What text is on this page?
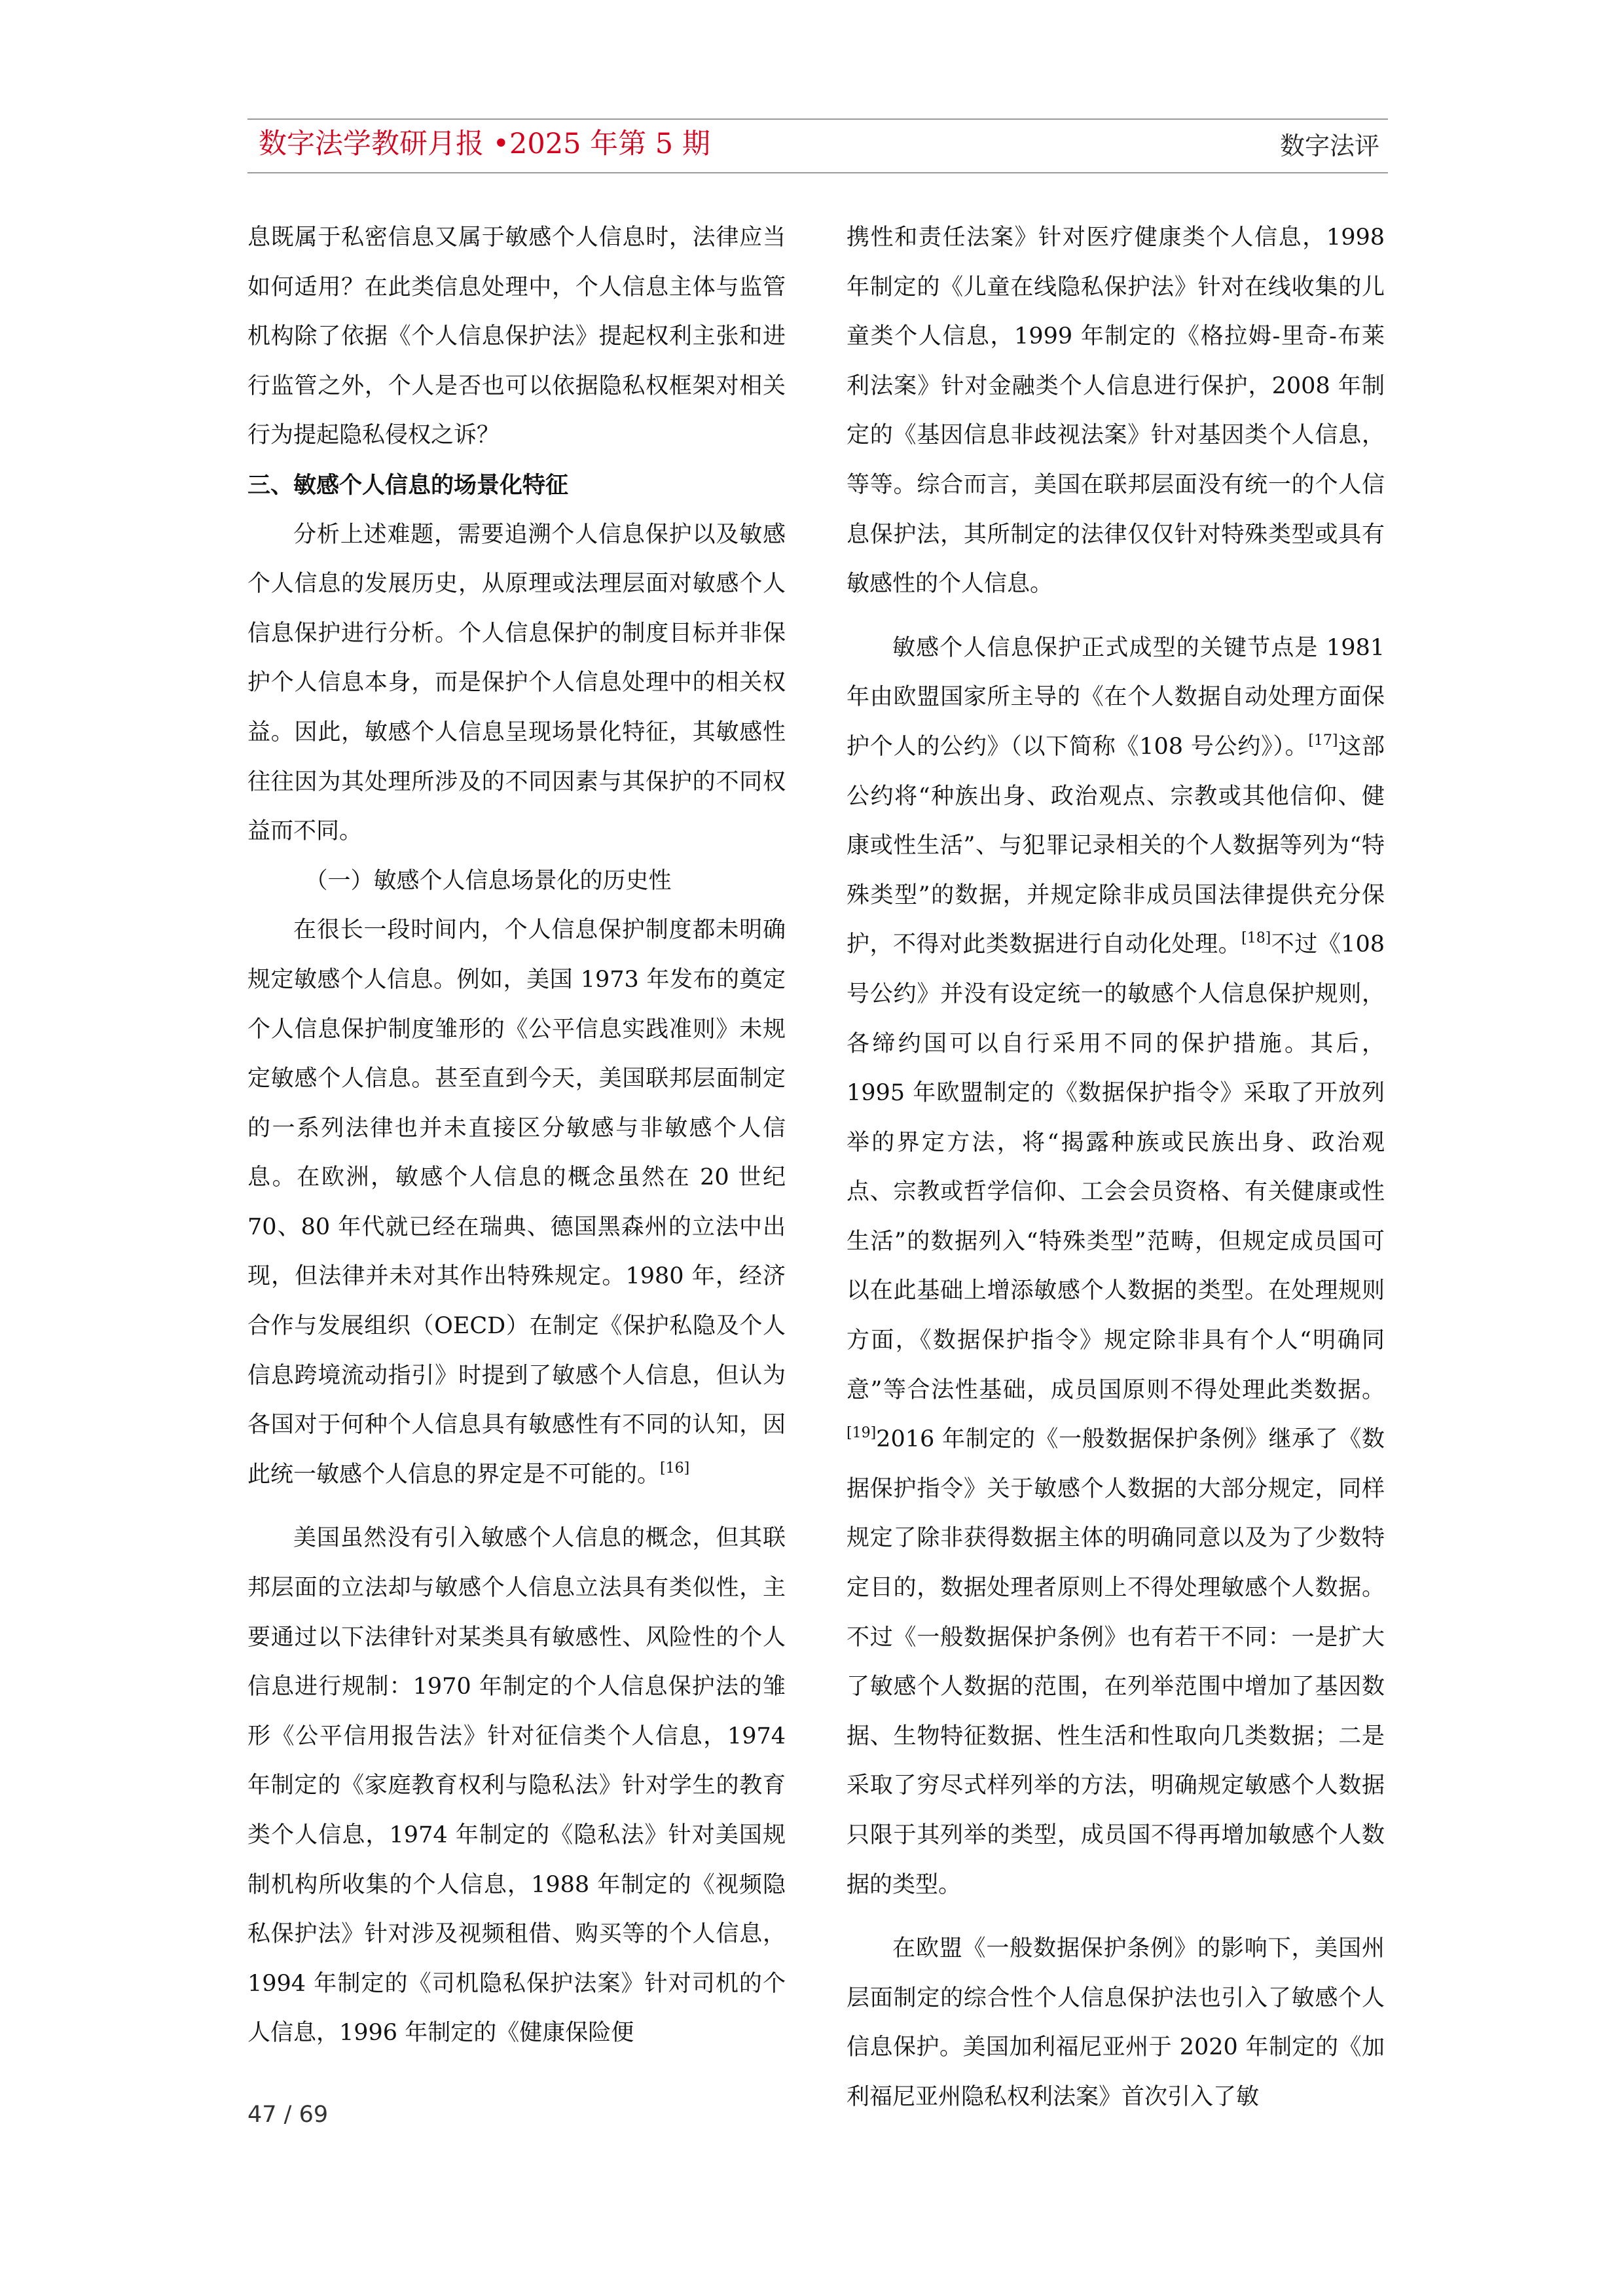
数字法学教研月报 •2025 年第 5 期	数字法评

息既属于私密信息又属于敏感个人信息时，法律应当如何适用？在此类信息处理中，个人信息主体与监管机构除了依据《个人信息保护法》提起权利主张和进行监管之外，个人是否也可以依据隐私权框架对相关行为提起隐私侵权之诉？

三、敏感个人信息的场景化特征

分析上述难题，需要追溯个人信息保护以及敏感个人信息的发展历史，从原理或法理层面对敏感个人信息保护进行分析。个人信息保护的制度目标并非保护个人信息本身，而是保护个人信息处理中的相关权益。因此，敏感个人信息呈现场景化特征，其敏感性往往因为其处理所涉及的不同因素与其保护的不同权益而不同。

（一）敏感个人信息场景化的历史性

在很长一段时间内，个人信息保护制度都未明确规定敏感个人信息。例如，美国 1973 年发布的奠定个人信息保护制度雏形的《公平信息实践准则》未规定敏感个人信息。甚至直到今天，美国联邦层面制定的一系列法律也并未直接区分敏感与非敏感个人信息。在欧洲，敏感个人信息的概念虽然在 20 世纪 70、80 年代就已经在瑞典、德国黑森州的立法中出现，但法律并未对其作出特殊规定。1980 年，经济合作与发展组织（OECD）在制定《保护私隐及个人信息跨境流动指引》时提到了敏感个人信息，但认为各国对于何种个人信息具有敏感性有不同的认知，因此统一敏感个人信息的界定是不可能的。[16]

美国虽然没有引入敏感个人信息的概念，但其联邦层面的立法却与敏感个人信息立法具有类似性，主要通过以下法律针对某类具有敏感性、风险性的个人信息进行规制：1970 年制定的个人信息保护法的雏形《公平信用报告法》针对征信类个人信息，1974 年制定的《家庭教育权利与隐私法》针对学生的教育类个人信息，1974 年制定的《隐私法》针对美国规制机构所收集的个人信息，1988 年制定的《视频隐私保护法》针对涉及视频租借、购买等的个人信息，1994 年制定的《司机隐私保护法案》针对司机的个人信息，1996 年制定的《健康保险便

携性和责任法案》针对医疗健康类个人信息，1998 年制定的《儿童在线隐私保护法》针对在线收集的儿童类个人信息，1999 年制定的《格拉姆-里奇-布莱利法案》针对金融类个人信息进行保护，2008 年制定的《基因信息非歧视法案》针对基因类个人信息，等等。综合而言，美国在联邦层面没有统一的个人信息保护法，其所制定的法律仅仅针对特殊类型或具有敏感性的个人信息。

敏感个人信息保护正式成型的关键节点是 1981 年由欧盟国家所主导的《在个人数据自动处理方面保护个人的公约》（以下简称《108 号公约》）。[17]这部公约将“种族出身、政治观点、宗教或其他信仰、健康或性生活”、与犯罪记录相关的个人数据等列为“特殊类型”的数据，并规定除非成员国法律提供充分保护，不得对此类数据进行自动化处理。[18]不过《108 号公约》并没有设定统一的敏感个人信息保护规则，各缔约国可以自行采用不同的保护措施。其后，1995 年欧盟制定的《数据保护指令》采取了开放列举的界定方法，将“揭露种族或民族出身、政治观点、宗教或哲学信仰、工会会员资格、有关健康或性生活”的数据列入“特殊类型”范畴，但规定成员国可以在此基础上增添敏感个人数据的类型。在处理规则方面，《数据保护指令》规定除非具有个人“明确同意”等合法性基础，成员国原则不得处理此类数据。[19]2016 年制定的《一般数据保护条例》继承了《数据保护指令》关于敏感个人数据的大部分规定，同样规定了除非获得数据主体的明确同意以及为了少数特定目的，数据处理者原则上不得处理敏感个人数据。不过《一般数据保护条例》也有若干不同：一是扩大了敏感个人数据的范围，在列举范围中增加了基因数据、生物特征数据、性生活和性取向几类数据；二是采取了穷尽式样列举的方法，明确规定敏感个人数据只限于其列举的类型，成员国不得再增加敏感个人数据的类型。

在欧盟《一般数据保护条例》的影响下，美国州层面制定的综合性个人信息保护法也引入了敏感个人信息保护。美国加利福尼亚州于 2020 年制定的《加利福尼亚州隐私权利法案》首次引入了敏

47 / 69
